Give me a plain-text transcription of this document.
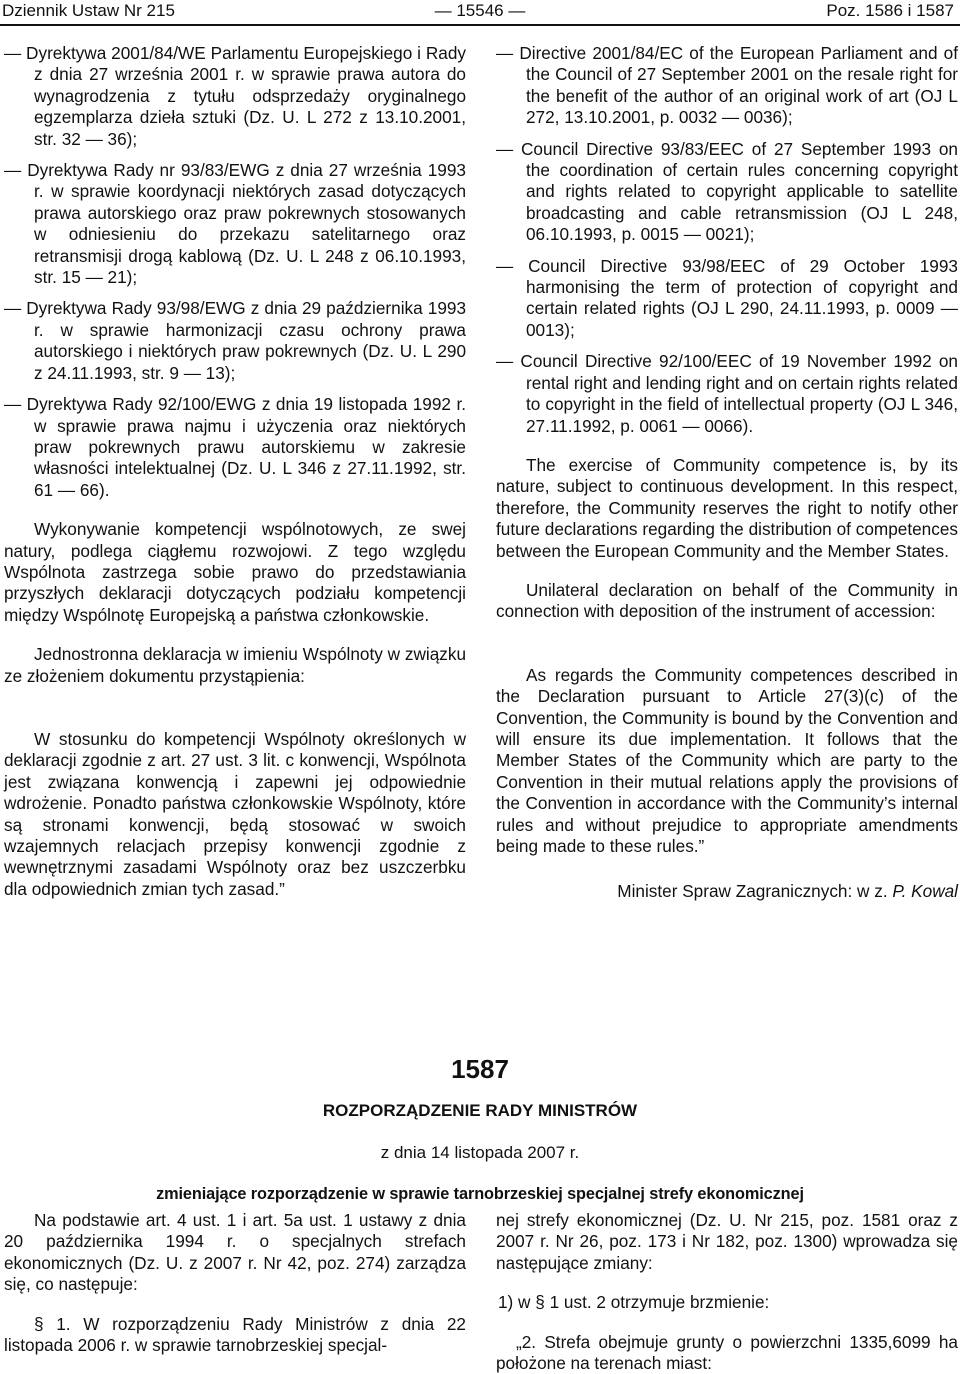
Dziennik Ustaw Nr 215	— 15546 —	Poz. 1586 i 1587

— Dyrektywa 2001/84/WE Parlamentu Europejskiego i Rady z dnia 27 września 2001 r. w sprawie prawa autora do wynagrodzenia z tytułu odsprzedaży oryginalnego egzemplarza dzieła sztuki (Dz. U. L 272 z 13.10.2001, str. 32 — 36);

— Dyrektywa Rady nr 93/83/EWG z dnia 27 września 1993 r. w sprawie koordynacji niektórych zasad dotyczących prawa autorskiego oraz praw pokrewnych stosowanych w odniesieniu do przekazu satelitarnego oraz retransmisji drogą kablową (Dz. U. L 248 z 06.10.1993, str. 15 — 21);

— Dyrektywa Rady 93/98/EWG z dnia 29 października 1993 r. w sprawie harmonizacji czasu ochrony prawa autorskiego i niektórych praw pokrewnych (Dz. U. L 290 z 24.11.1993, str. 9 — 13);

— Dyrektywa Rady 92/100/EWG z dnia 19 listopada 1992 r. w sprawie prawa najmu i użyczenia oraz niektórych praw pokrewnych prawu autorskiemu w zakresie własności intelektualnej (Dz. U. L 346 z 27.11.1992, str. 61 — 66).

Wykonywanie kompetencji wspólnotowych, ze swej natury, podlega ciągłemu rozwojowi. Z tego względu Wspólnota zastrzega sobie prawo do przedstawiania przyszłych deklaracji dotyczących podziału kompetencji między Wspólnotę Europejską a państwa członkowskie.

Jednostronna deklaracja w imieniu Wspólnoty w związku ze złożeniem dokumentu przystąpienia:

W stosunku do kompetencji Wspólnoty określonych w deklaracji zgodnie z art. 27 ust. 3 lit. c konwencji, Wspólnota jest związana konwencją i zapewni jej odpowiednie wdrożenie. Ponadto państwa członkowskie Wspólnoty, które są stronami konwencji, będą stosować w swoich wzajemnych relacjach przepisy konwencji zgodnie z wewnętrznymi zasadami Wspólnoty oraz bez uszczerbku dla odpowiednich zmian tych zasad.”

— Directive 2001/84/EC of the European Parliament and of the Council of 27 September 2001 on the resale right for the benefit of the author of an original work of art (OJ L 272, 13.10.2001, p. 0032 — 0036);

— Council Directive 93/83/EEC of 27 September 1993 on the coordination of certain rules concerning copyright and rights related to copyright applicable to satellite broadcasting and cable retransmission (OJ L 248, 06.10.1993, p. 0015 — 0021);

— Council Directive 93/98/EEC of 29 October 1993 harmonising the term of protection of copyright and certain related rights (OJ L 290, 24.11.1993, p. 0009 — 0013);

— Council Directive 92/100/EEC of 19 November 1992 on rental right and lending right and on certain rights related to copyright in the field of intellectual property (OJ L 346, 27.11.1992, p. 0061 — 0066).

The exercise of Community competence is, by its nature, subject to continuous development. In this respect, therefore, the Community reserves the right to notify other future declarations regarding the distribution of competences between the European Community and the Member States.

Unilateral declaration on behalf of the Community in connection with deposition of the instrument of accession:

As regards the Community competences described in the Declaration pursuant to Article 27(3)(c) of the Convention, the Community is bound by the Convention and will ensure its due implementation. It follows that the Member States of the Community which are party to the Convention in their mutual relations apply the provisions of the Convention in accordance with the Community’s internal rules and without prejudice to appropriate amendments being made to these rules.”

Minister Spraw Zagranicznych: w z. P. Kowal

1587
ROZPORZĄDZENIE RADY MINISTRÓW
z dnia 14 listopada 2007 r.
zmieniające rozporządzenie w sprawie tarnobrzeskiej specjalnej strefy ekonomicznej

Na podstawie art. 4 ust. 1 i art. 5a ust. 1 ustawy z dnia 20 października 1994 r. o specjalnych strefach ekonomicznych (Dz. U. z 2007 r. Nr 42, poz. 274) zarządza się, co następuje:

§ 1. W rozporządzeniu Rady Ministrów z dnia 22 listopada 2006 r. w sprawie tarnobrzeskiej specjal-

nej strefy ekonomicznej (Dz. U. Nr 215, poz. 1581 oraz z 2007 r. Nr 26, poz. 173 i Nr 182, poz. 1300) wprowadza się następujące zmiany:

1) w § 1 ust. 2 otrzymuje brzmienie:

„2. Strefa obejmuje grunty o powierzchni 1335,6099 ha położone na terenach miast:
